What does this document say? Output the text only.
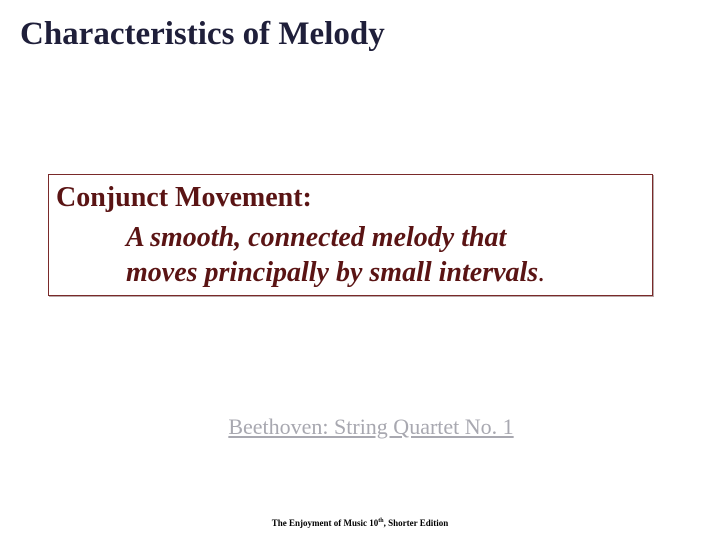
Characteristics of Melody
Conjunct Movement:
A smooth, connected melody that
moves principally by small intervals.
Beethoven: String Quartet No. 1
The Enjoyment of Music 10th, Shorter Edition
